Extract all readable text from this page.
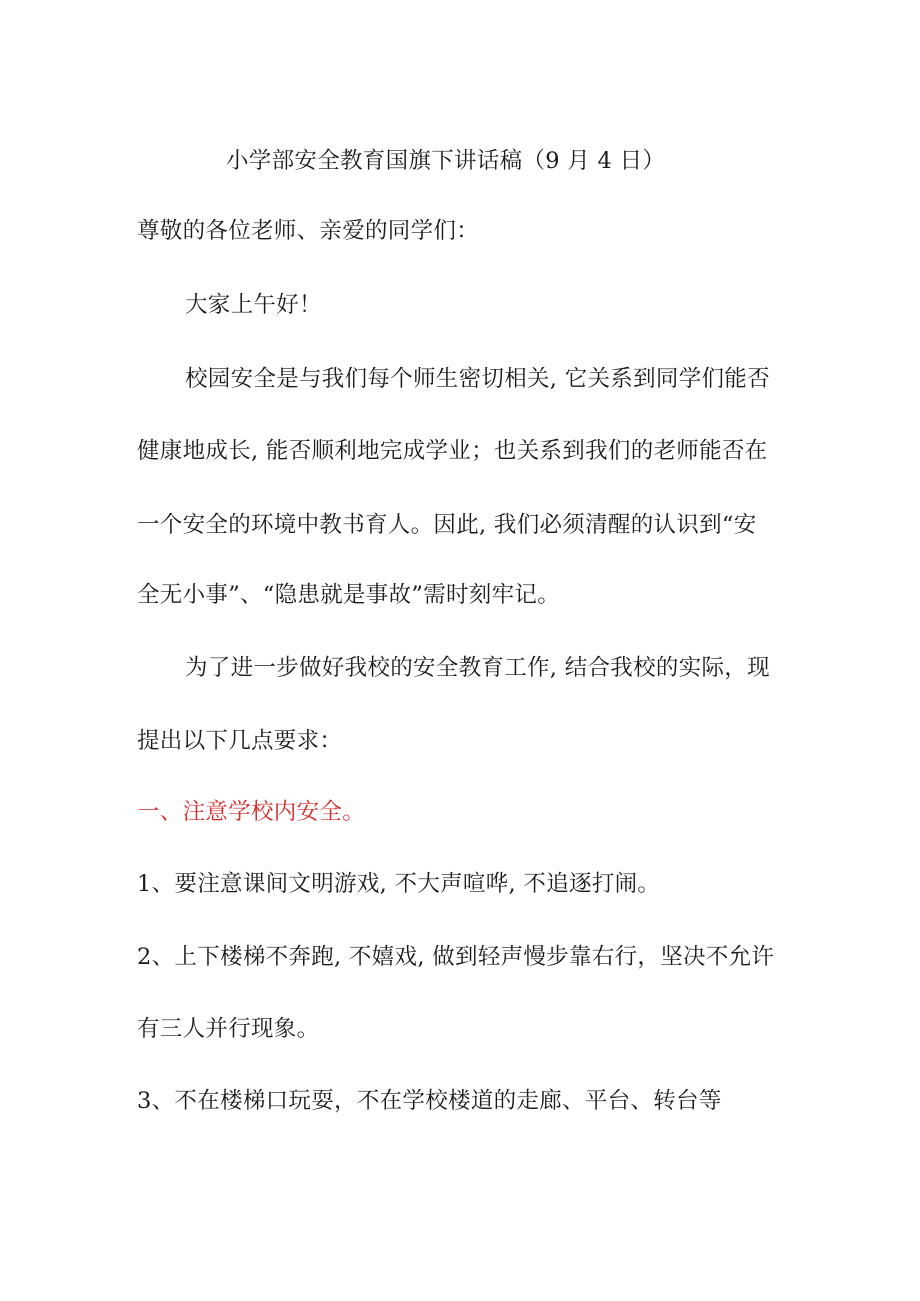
小学部安全教育国旗下讲话稿（9 月 4 日）
尊敬的各位老师、亲爱的同学们：
大家上午好！
校园安全是与我们每个师生密切相关, 它关系到同学们能否
健康地成长, 能否顺利地完成学业；也关系到我们的老师能否在
一个安全的环境中教书育人。因此, 我们必须清醒的认识到“安
全无小事”、“隐患就是事故”需时刻牢记。
为了进一步做好我校的安全教育工作, 结合我校的实际，现
提出以下几点要求：
一、注意学校内安全。
1、要注意课间文明游戏, 不大声喧哗, 不追逐打闹。
2、上下楼梯不奔跑, 不嬉戏, 做到轻声慢步靠右行，坚决不允许
有三人并行现象。
3、不在楼梯口玩耍，不在学校楼道的走廊、平台、转台等
